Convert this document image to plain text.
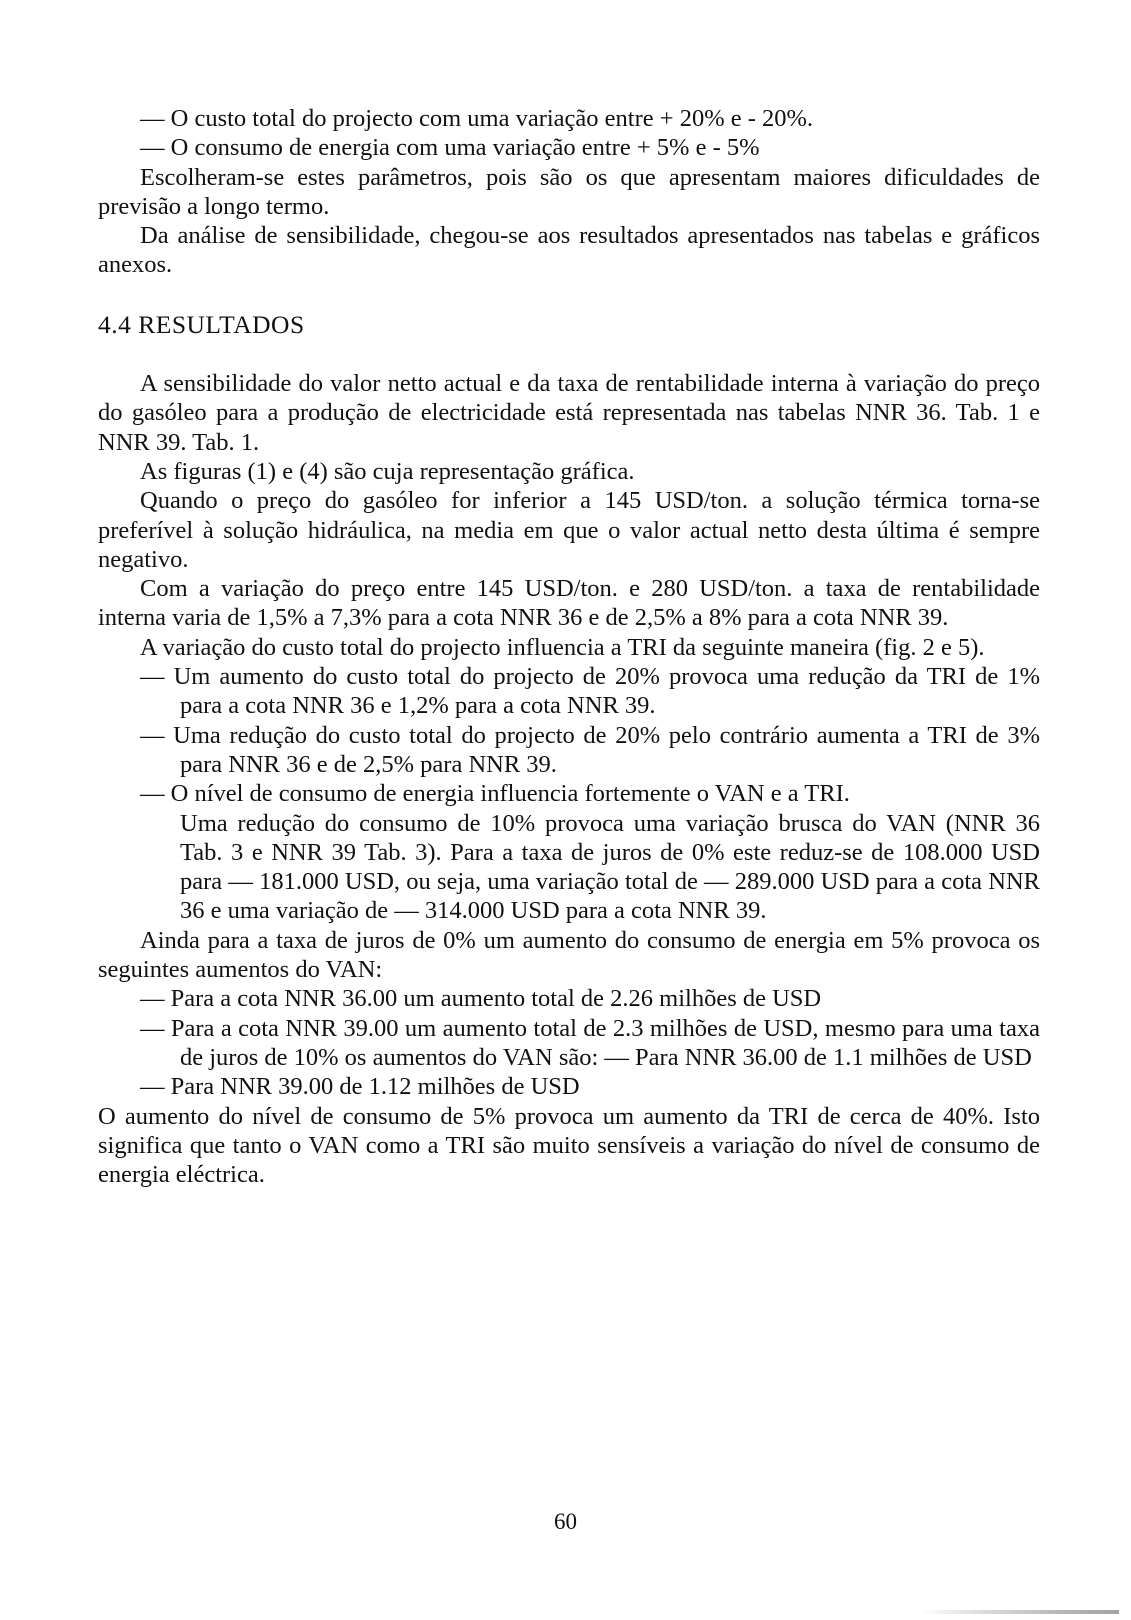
— O custo total do projecto com uma variação entre + 20% e - 20%.

— O consumo de energia com uma variação entre + 5% e - 5%

Escolheram-se estes parâmetros, pois são os que apresentam maiores dificuldades de previsão a longo termo.

Da análise de sensibilidade, chegou-se aos resultados apresentados nas tabelas e gráficos anexos.

4.4 RESULTADOS

A sensibilidade do valor netto actual e da taxa de rentabilidade interna à variação do preço do gasóleo para a produção de electricidade está representada nas tabelas NNR 36. Tab. 1 e NNR 39. Tab. 1.

As figuras (1) e (4) são cuja representação gráfica.

Quando o preço do gasóleo for inferior a 145 USD/ton. a solução térmica torna-se preferível à solução hidráulica, na media em que o valor actual netto desta última é sempre negativo.

Com a variação do preço entre 145 USD/ton. e 280 USD/ton. a taxa de rentabilidade interna varia de 1,5% a 7,3% para a cota NNR 36 e de 2,5% a 8% para a cota NNR 39.

A variação do custo total do projecto influencia a TRI da seguinte maneira (fig. 2 e 5).

— Um aumento do custo total do projecto de 20% provoca uma redução da TRI de 1% para a cota NNR 36 e 1,2% para a cota NNR 39.

— Uma redução do custo total do projecto de 20% pelo contrário aumenta a TRI de 3% para NNR 36 e de 2,5% para NNR 39.

— O nível de consumo de energia influencia fortemente o VAN e a TRI.

Uma redução do consumo de 10% provoca uma variação brusca do VAN (NNR 36 Tab. 3 e NNR 39 Tab. 3). Para a taxa de juros de 0% este reduz-se de 108.000 USD para — 181.000 USD, ou seja, uma variação total de — 289.000 USD para a cota NNR 36 e uma variação de — 314.000 USD para a cota NNR 39.

Ainda para a taxa de juros de 0% um aumento do consumo de energia em 5% provoca os seguintes aumentos do VAN:

— Para a cota NNR 36.00 um aumento total de 2.26 milhões de USD

— Para a cota NNR 39.00 um aumento total de 2.3 milhões de USD, mesmo para uma taxa de juros de 10% os aumentos do VAN são: — Para NNR 36.00 de 1.1 milhões de USD

— Para NNR 39.00 de 1.12 milhões de USD

O aumento do nível de consumo de 5% provoca um aumento da TRI de cerca de 40%. Isto significa que tanto o VAN como a TRI são muito sensíveis a variação do nível de consumo de energia eléctrica.

60
